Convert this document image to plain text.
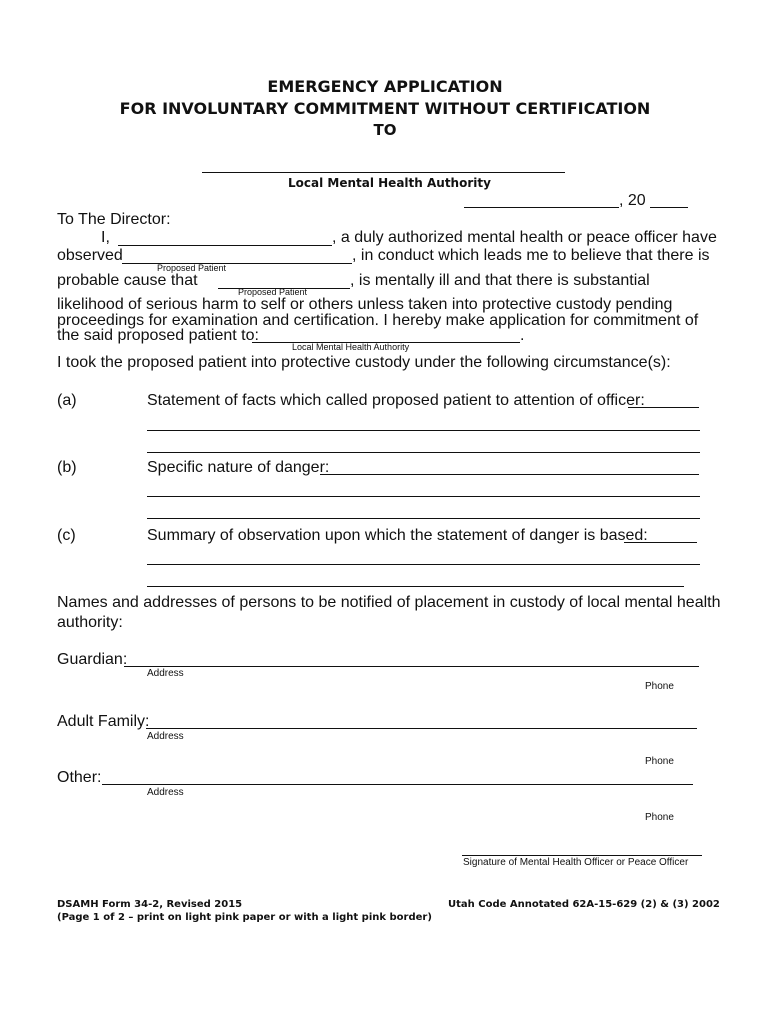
EMERGENCY APPLICATION
FOR INVOLUNTARY COMMITMENT WITHOUT CERTIFICATION
TO
Local Mental Health Authority
, 20
To The Director:
I,	, a duly authorized mental health or peace officer have
observed	, in conduct which leads me to believe that there is
Proposed Patient
probable cause that	, is mentally ill and that there is substantial
Proposed Patient
likelihood of serious harm to self or others unless taken into protective custody pending
proceedings for examination and certification. I hereby make application for commitment of
the said proposed patient to:	.
Local Mental Health Authority
I took the proposed patient into protective custody under the following circumstance(s):
(a)	Statement of facts which called proposed patient to attention of officer:
(b)	Specific nature of danger:
(c)	Summary of observation upon which the statement of danger is based:
Names and addresses of persons to be notified of placement in custody of local mental health
authority:
Guardian:
Address
Phone
Adult Family:
Address
Phone
Other:
Address
Phone
Signature of Mental Health Officer or Peace Officer
DSAMH Form 34-2, Revised 2015
(Page 1 of 2 – print on light pink paper or with a light pink border)
Utah Code Annotated 62A-15-629 (2) & (3) 2002
